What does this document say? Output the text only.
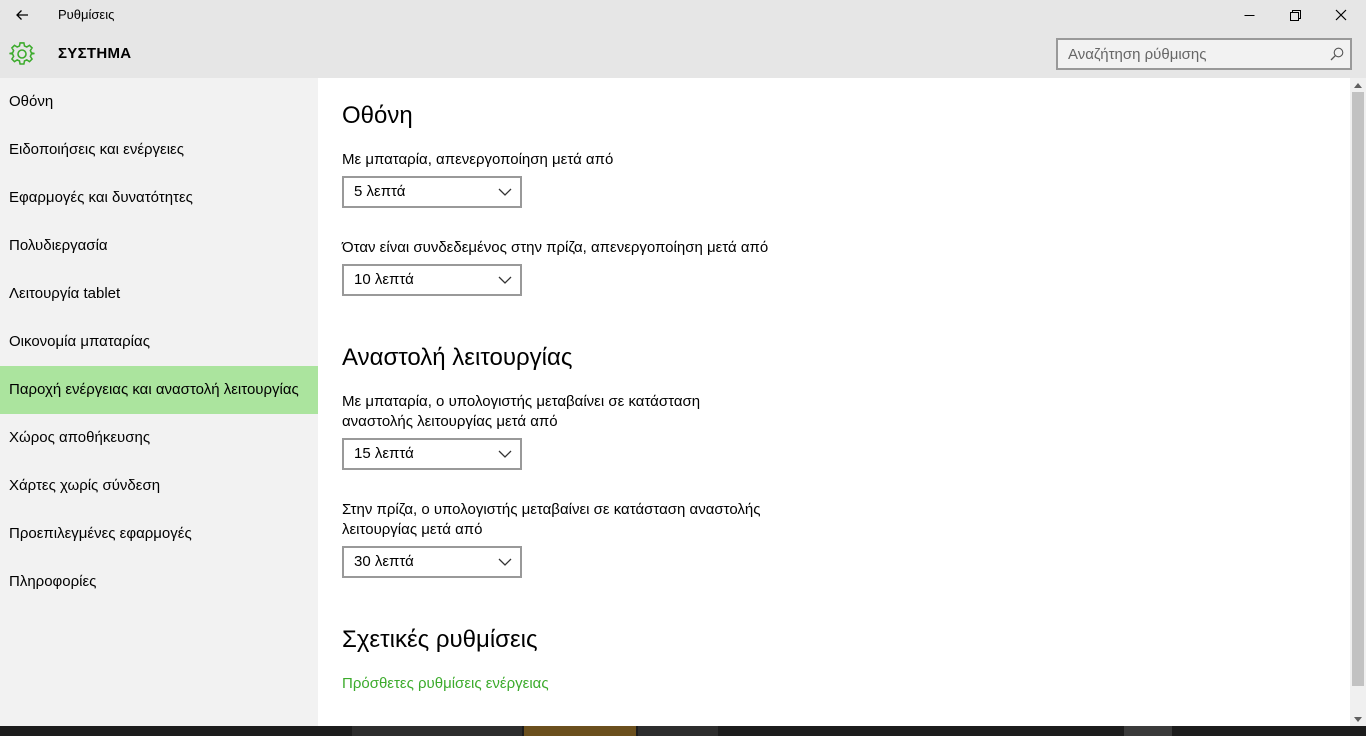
Ρυθμίσεις
ΣΥΣΤΗΜΑ
Αναζήτηση ρύθμισης
Οθόνη
Ειδοποιήσεις και ενέργειες
Εφαρμογές και δυνατότητες
Πολυδιεργασία
Λειτουργία tablet
Οικονομία μπαταρίας
Παροχή ενέργειας και αναστολή λειτουργίας
Χώρος αποθήκευσης
Χάρτες χωρίς σύνδεση
Προεπιλεγμένες εφαρμογές
Πληροφορίες
Οθόνη
Με μπαταρία, απενεργοποίηση μετά από
5 λεπτά
Όταν είναι συνδεδεμένος στην πρίζα, απενεργοποίηση μετά από
10 λεπτά
Αναστολή λειτουργίας
Με μπαταρία, ο υπολογιστής μεταβαίνει σε κατάσταση
αναστολής λειτουργίας μετά από
15 λεπτά
Στην πρίζα, ο υπολογιστής μεταβαίνει σε κατάσταση αναστολής
λειτουργίας μετά από
30 λεπτά
Σχετικές ρυθμίσεις
Πρόσθετες ρυθμίσεις ενέργειας
